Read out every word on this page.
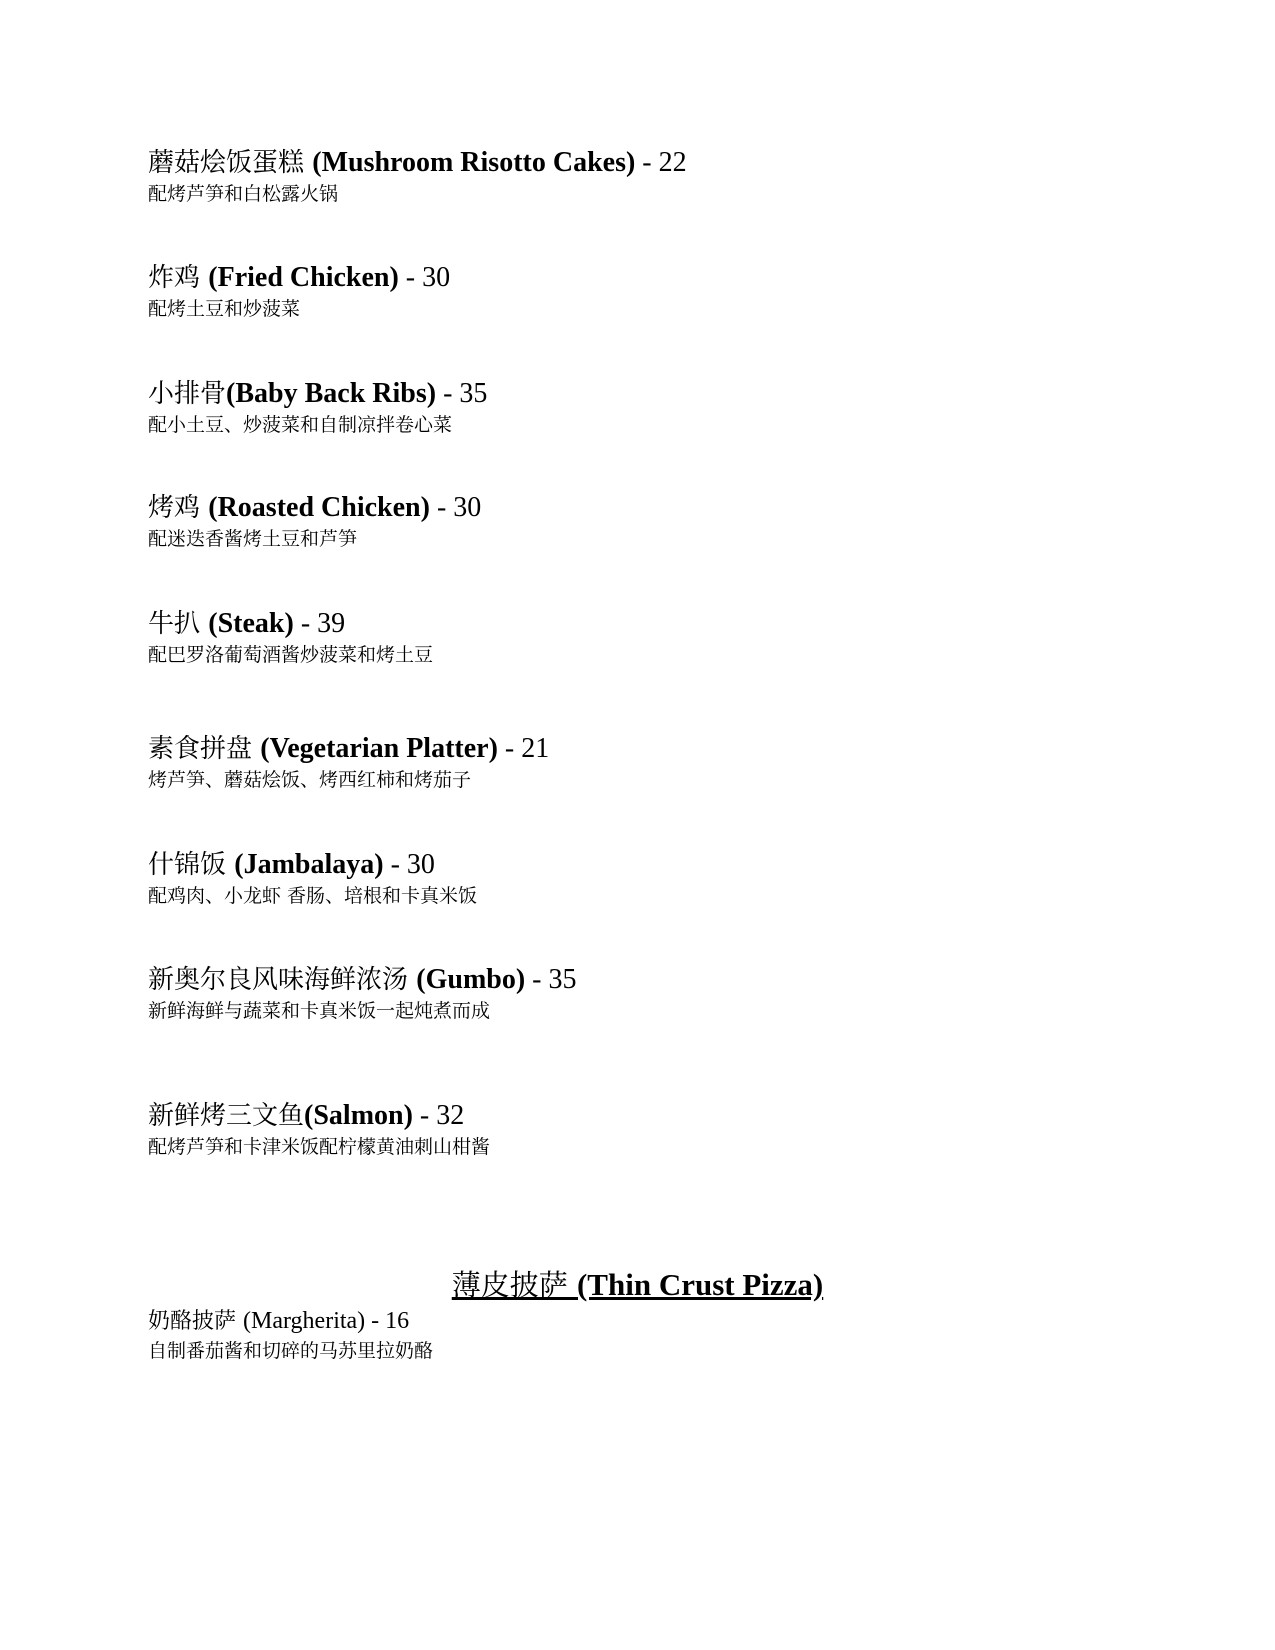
蘑菇烩饭蛋糕 (Mushroom Risotto Cakes) - 22
配烤芦笋和白松露火锅
炸鸡 (Fried Chicken) - 30
配烤土豆和炒菠菜
小排骨(Baby Back Ribs) - 35
配小土豆、炒菠菜和自制凉拌卷心菜
烤鸡 (Roasted Chicken) - 30
配迷迭香酱烤土豆和芦笋
牛扒 (Steak) - 39
配巴罗洛葡萄酒酱炒菠菜和烤土豆
素食拼盘 (Vegetarian Platter) - 21
烤芦笋、蘑菇烩饭、烤西红柿和烤茄子
什锦饭 (Jambalaya) - 30
配鸡肉、小龙虾 香肠、培根和卡真米饭
新奥尔良风味海鲜浓汤 (Gumbo) - 35
新鲜海鲜与蔬菜和卡真米饭一起炖煮而成
新鲜烤三文鱼(Salmon) - 32
配烤芦笋和卡津米饭配柠檬黄油刺山柑酱
薄皮披萨 (Thin Crust Pizza)
奶酪披萨 (Margherita) - 16
自制番茄酱和切碎的马苏里拉奶酪
